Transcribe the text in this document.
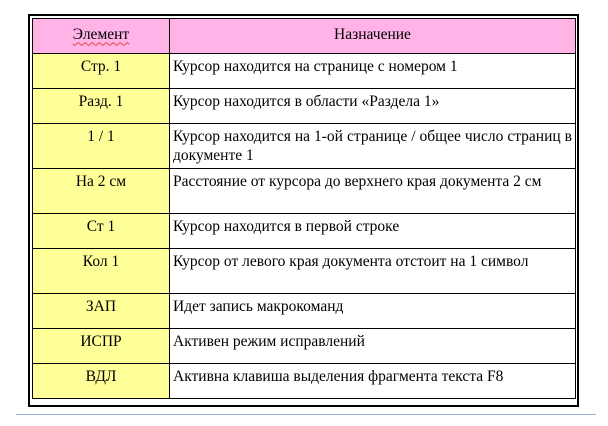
Элемент	Назначение
Стр. 1	Курсор находится на странице с номером 1
Разд. 1	Курсор находится в области «Раздела 1»
1 / 1	Курсор находится на 1-ой странице / общее число страниц в документе 1
На 2 см	Расстояние от курсора до верхнего края документа 2 см
Ст 1	Курсор находится в первой строке
Кол 1	Курсор от левого края документа отстоит на 1 символ
ЗАП	Идет запись макрокоманд
ИСПР	Активен режим исправлений
ВДЛ	Активна клавиша выделения фрагмента текста F8
